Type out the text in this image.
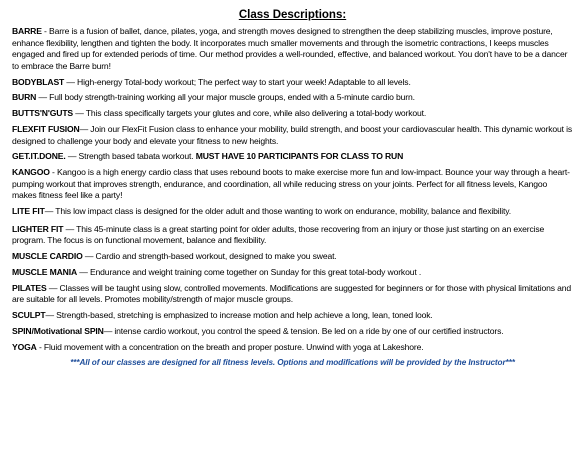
Class Descriptions:
BARRE - Barre is a fusion of ballet, dance, pilates, yoga, and strength moves designed to strengthen the deep stabilizing muscles, improve posture, enhance flexibility, lengthen and tighten the body. It incorporates much smaller movements and through the isometric contractions, I keeps muscles engaged and fired up for extended periods of time. Our method provides a well-rounded, effective, and balanced workout. You don't have to be a dancer to embrace the Barre burn!
BODYBLAST — High-energy Total-body workout; The perfect way to start your week! Adaptable to all levels.
BURN — Full body strength-training working all your major muscle groups, ended with a 5-minute cardio burn.
BUTTS'N'GUTS — This class specifically targets your glutes and core, while also delivering a total-body workout.
FLEXFIT FUSION— Join our FlexFit Fusion class to enhance your mobility, build strength, and boost your cardiovascular health. This dynamic workout is designed to challenge your body and elevate your fitness to new heights.
GET.IT.DONE. — Strength based tabata workout. MUST HAVE 10 PARTICIPANTS FOR CLASS TO RUN
KANGOO - Kangoo is a high energy cardio class that uses rebound boots to make exercise more fun and low-impact. Bounce your way through a heart-pumping workout that improves strength, endurance, and coordination, all while reducing stress on your joints. Perfect for all fitness levels, Kangoo makes fitness feel like a party!
LITE FIT— This low impact class is designed for the older adult and those wanting to work on endurance, mobility, balance and flexibility.
LIGHTER FIT — This 45-minute class is a great starting point for older adults, those recovering from an injury or those just starting on an exercise program. The focus is on functional movement, balance and flexibility.
MUSCLE CARDIO — Cardio and strength-based workout, designed to make you sweat.
MUSCLE MANIA — Endurance and weight training come together on Sunday for this great total-body workout .
PILATES — Classes will be taught using slow, controlled movements. Modifications are suggested for beginners or for those with physical limitations and are suitable for all levels. Promotes mobility/strength of major muscle groups.
SCULPT— Strength-based, stretching is emphasized to increase motion and help achieve a long, lean, toned look.
SPIN/Motivational SPIN— intense cardio workout, you control the speed & tension. Be led on a ride by one of our certified instructors.
YOGA - Fluid movement with a concentration on the breath and proper posture. Unwind with yoga at Lakeshore.
***All of our classes are designed for all fitness levels. Options and modifications will be provided by the Instructor***
